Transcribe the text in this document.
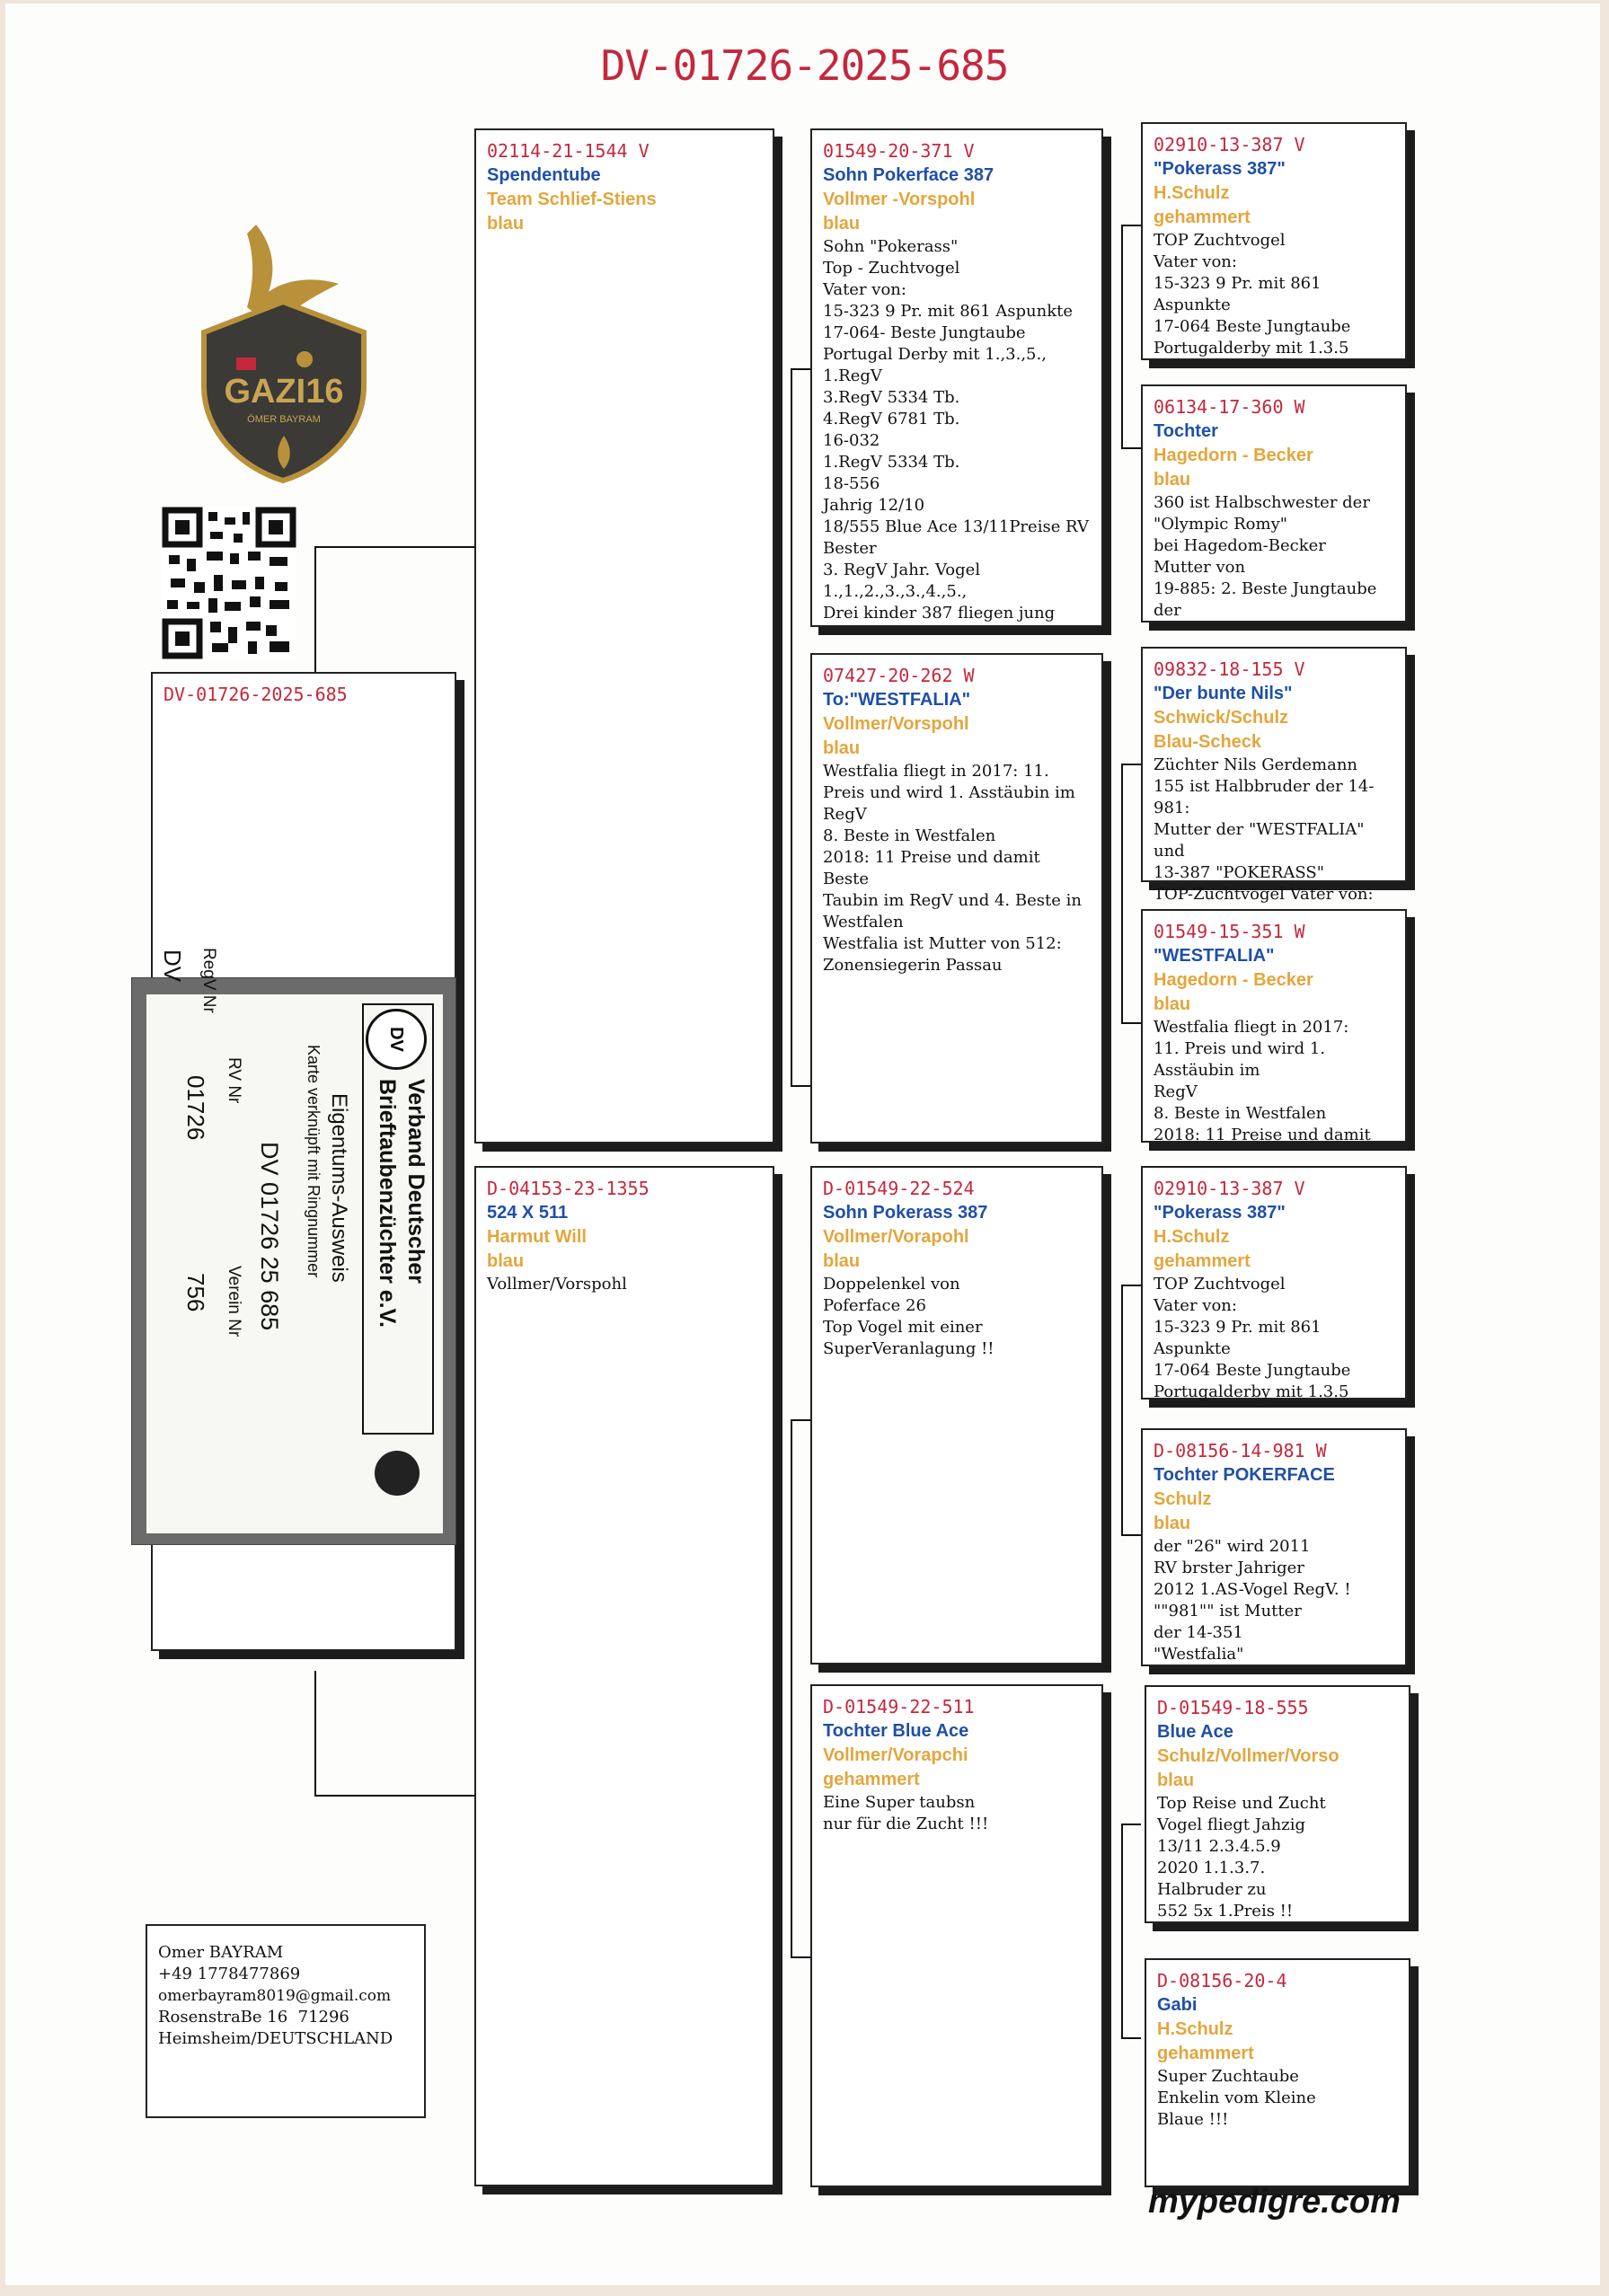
DV-01726-2025-685
DV-01726-2025-685
02114-21-1544 V
Spendentube
Team Schlief-Stiens
blau
D-04153-23-1355
524 X 511
Harmut Will
blau
Vollmer/Vorspohl
01549-20-371 V
Sohn Pokerface 387
Vollmer -Vorspohl
blau
Sohn "Pokerass"
Top - Zuchtvogel
Vater von:
15-323 9 Pr. mit 861 Aspunkte
17-064- Beste Jungtaube
Portugal Derby mit 1.,3.,5.,
1.RegV
3.RegV 5334 Tb.
4.RegV 6781 Tb.
16-032
1.RegV 5334 Tb.
18-556
Jahrig 12/10
18/555 Blue Ace 13/11Preise RV
Bester
3. RegV Jahr. Vogel
1.,1.,2.,3.,3.,4.,5.,
Drei kinder 387 fliegen jung
07427-20-262 W
To:"WESTFALIA"
Vollmer/Vorspohl
blau
Westfalia fliegt in 2017: 11.
Preis und wird 1. Asstäubin im
RegV
8. Beste in Westfalen
2018: 11 Preise und damit Beste
Taubin im RegV und 4. Beste in
Westfalen
Westfalia ist Mutter von 512:
Zonensiegerin Passau
D-01549-22-524
Sohn Pokerass 387
Vollmer/Vorapohl
blau
Doppelenkel von
Poferface 26
Top Vogel mit einer
SuperVeranlagung !!
D-01549-22-511
Tochter Blue Ace
Vollmer/Vorapchi
gehammert
Eine Super taubsn
nur für die Zucht !!!
02910-13-387 V
"Pokerass 387"
H.Schulz
gehammert
TOP Zuchtvogel
Vater von:
15-323 9 Pr. mit 861
Aspunkte
17-064 Beste Jungtaube
Portugalderby mit 1.3.5
06134-17-360 W
Tochter
Hagedorn - Becker
blau
360 ist Halbschwester der
"Olympic Romy"
bei Hagedom-Becker
Mutter von
19-885: 2. Beste Jungtaube
der
09832-18-155 V
"Der bunte Nils"
Schwick/Schulz
Blau-Scheck
Züchter Nils Gerdemann
155 ist Halbbruder der 14-
981:
Mutter der "WESTFALIA" und
13-387 "POKERASS"
TOP-Zuchtvogel Vater von:
01549-15-351 W
"WESTFALIA"
Hagedorn - Becker
blau
Westfalia fliegt in 2017:
11. Preis und wird 1.
Asstäubin im
RegV
8. Beste in Westfalen
2018: 11 Preise und damit
02910-13-387 V
"Pokerass 387"
H.Schulz
gehammert
TOP Zuchtvogel
Vater von:
15-323 9 Pr. mit 861
Aspunkte
17-064 Beste Jungtaube
Portugalderby mit 1.3.5
D-08156-14-981 W
Tochter POKERFACE
Schulz
blau
der "26" wird 2011
RV brster Jahriger
2012 1.AS-Vogel RegV. !
""981"" ist Mutter
der 14-351
"Westfalia"
D-01549-18-555
Blue Ace
Schulz/Vollmer/Vorso
blau
Top Reise und Zucht
Vogel fliegt Jahzig
13/11 2.3.4.5.9
2020 1.1.3.7.
Halbruder zu
552 5x 1.Preis !!
D-08156-20-4
Gabi
H.Schulz
gehammert
Super Zuchtaube
Enkelin vom Kleine
Blaue !!!
GAZI16
ÖMER BAYRAM
DV
Verband Deutscher
Brieftaubenzüchter e.V.
Eigentums-Ausweis
Karte verknüpft mit Ringnummer
DV 01726 25 685
RV Nr
Verein Nr
RegV Nr
DV
01726
756
Omer BAYRAM
+49 1778477869
omerbayram8019@gmail.com
RosenstraBe 16  71296
Heimsheim/DEUTSCHLAND
mypedigre.com
